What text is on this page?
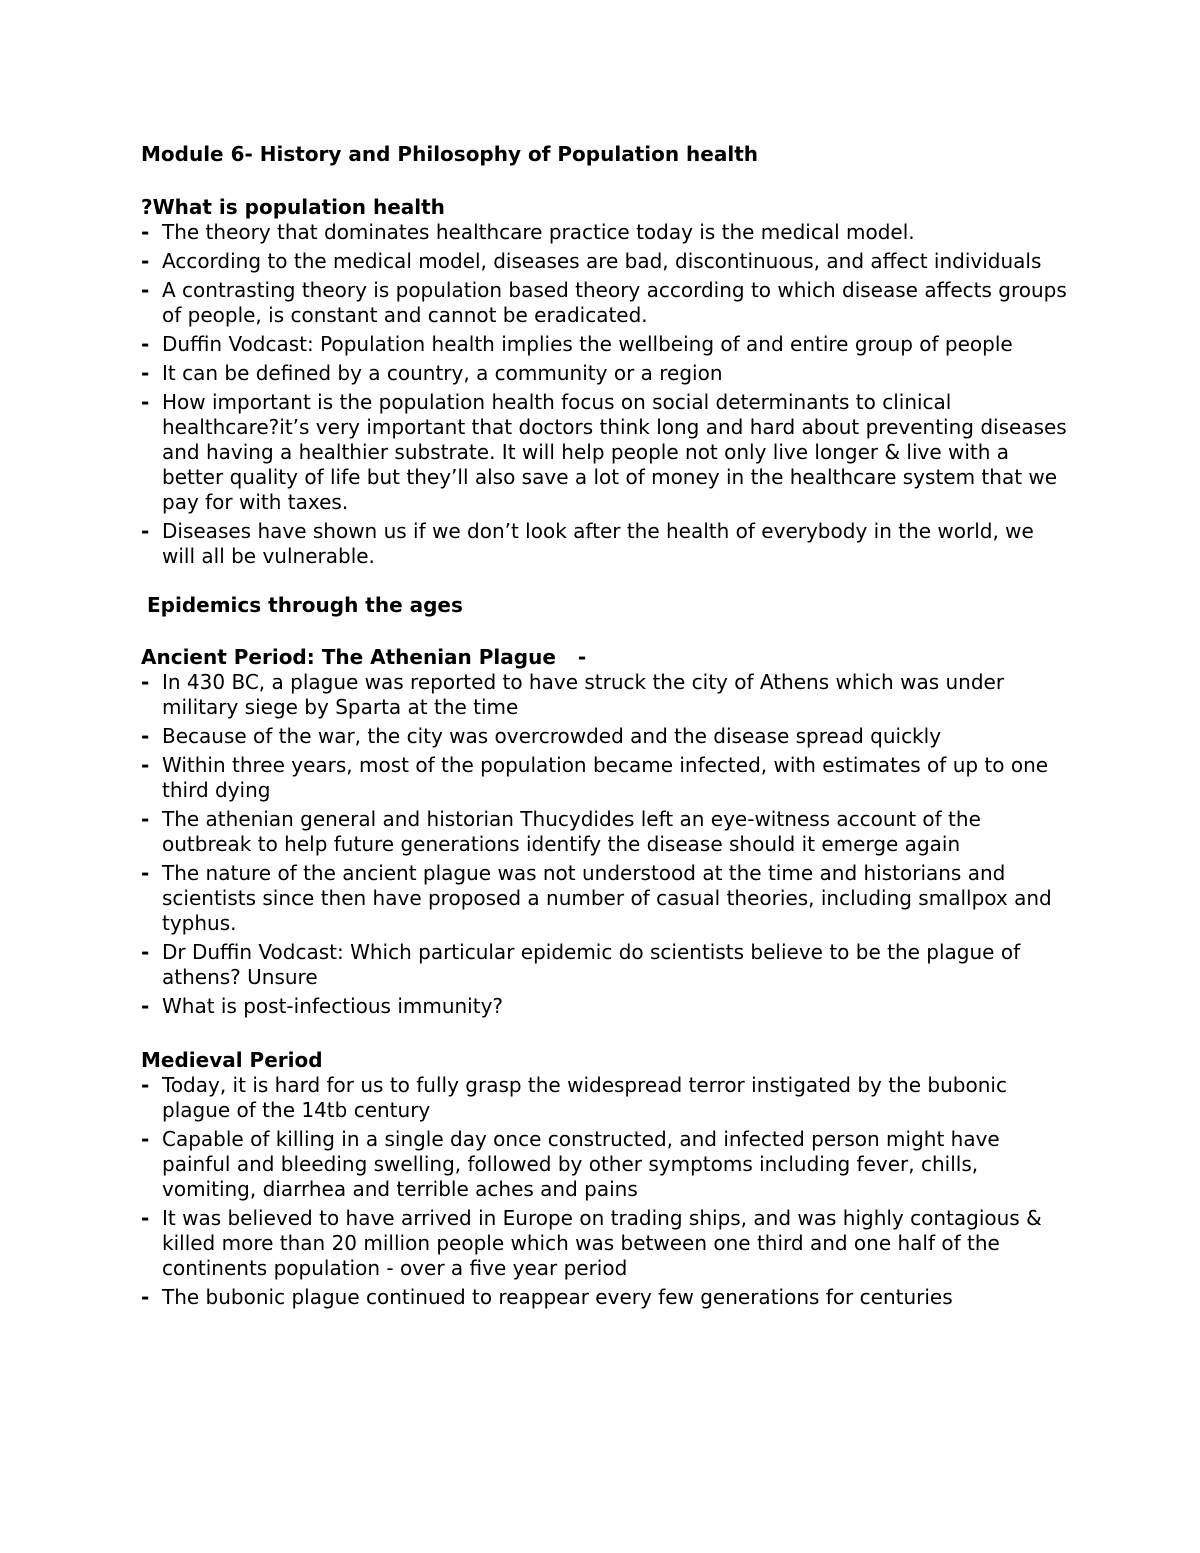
Module 6- History and Philosophy of Population health

?What is population health

- The theory that dominates healthcare practice today is the medical model.
- According to the medical model, diseases are bad, discontinuous, and affect individuals
- A contrasting theory is population based theory according to which disease affects groups of people, is constant and cannot be eradicated.
- Duffin Vodcast: Population health implies the wellbeing of and entire group of people
- It can be defined by a country, a community or a region
- How important is the population health focus on social determinants to clinical healthcare?it’s very important that doctors think long and hard about preventing diseases and having a healthier substrate. It will help people not only live longer & live with a better quality of life but they’ll also save a lot of money in the healthcare system that we pay for with taxes.
- Diseases have shown us if we don’t look after the health of everybody in the world, we will all be vulnerable.

Epidemics through the ages

Ancient Period: The Athenian Plague -

- In 430 BC, a plague was reported to have struck the city of Athens which was under military siege by Sparta at the time
- Because of the war, the city was overcrowded and the disease spread quickly
- Within three years, most of the population became infected, with estimates of up to one third dying
- The athenian general and historian Thucydides left an eye-witness account of the outbreak to help future generations identify the disease should it emerge again
- The nature of the ancient plague was not understood at the time and historians and scientists since then have proposed a number of casual theories, including smallpox and typhus.
- Dr Duffin Vodcast: Which particular epidemic do scientists believe to be the plague of athens? Unsure
- What is post-infectious immunity?

Medieval Period

- Today, it is hard for us to fully grasp the widespread terror instigated by the bubonic plague of the 14tb century
- Capable of killing in a single day once constructed, and infected person might have painful and bleeding swelling, followed by other symptoms including fever, chills, vomiting, diarrhea and terrible aches and pains
- It was believed to have arrived in Europe on trading ships, and was highly contagious & killed more than 20 million people which was between one third and one half of the continents population - over a five year period
- The bubonic plague continued to reappear every few generations for centuries
